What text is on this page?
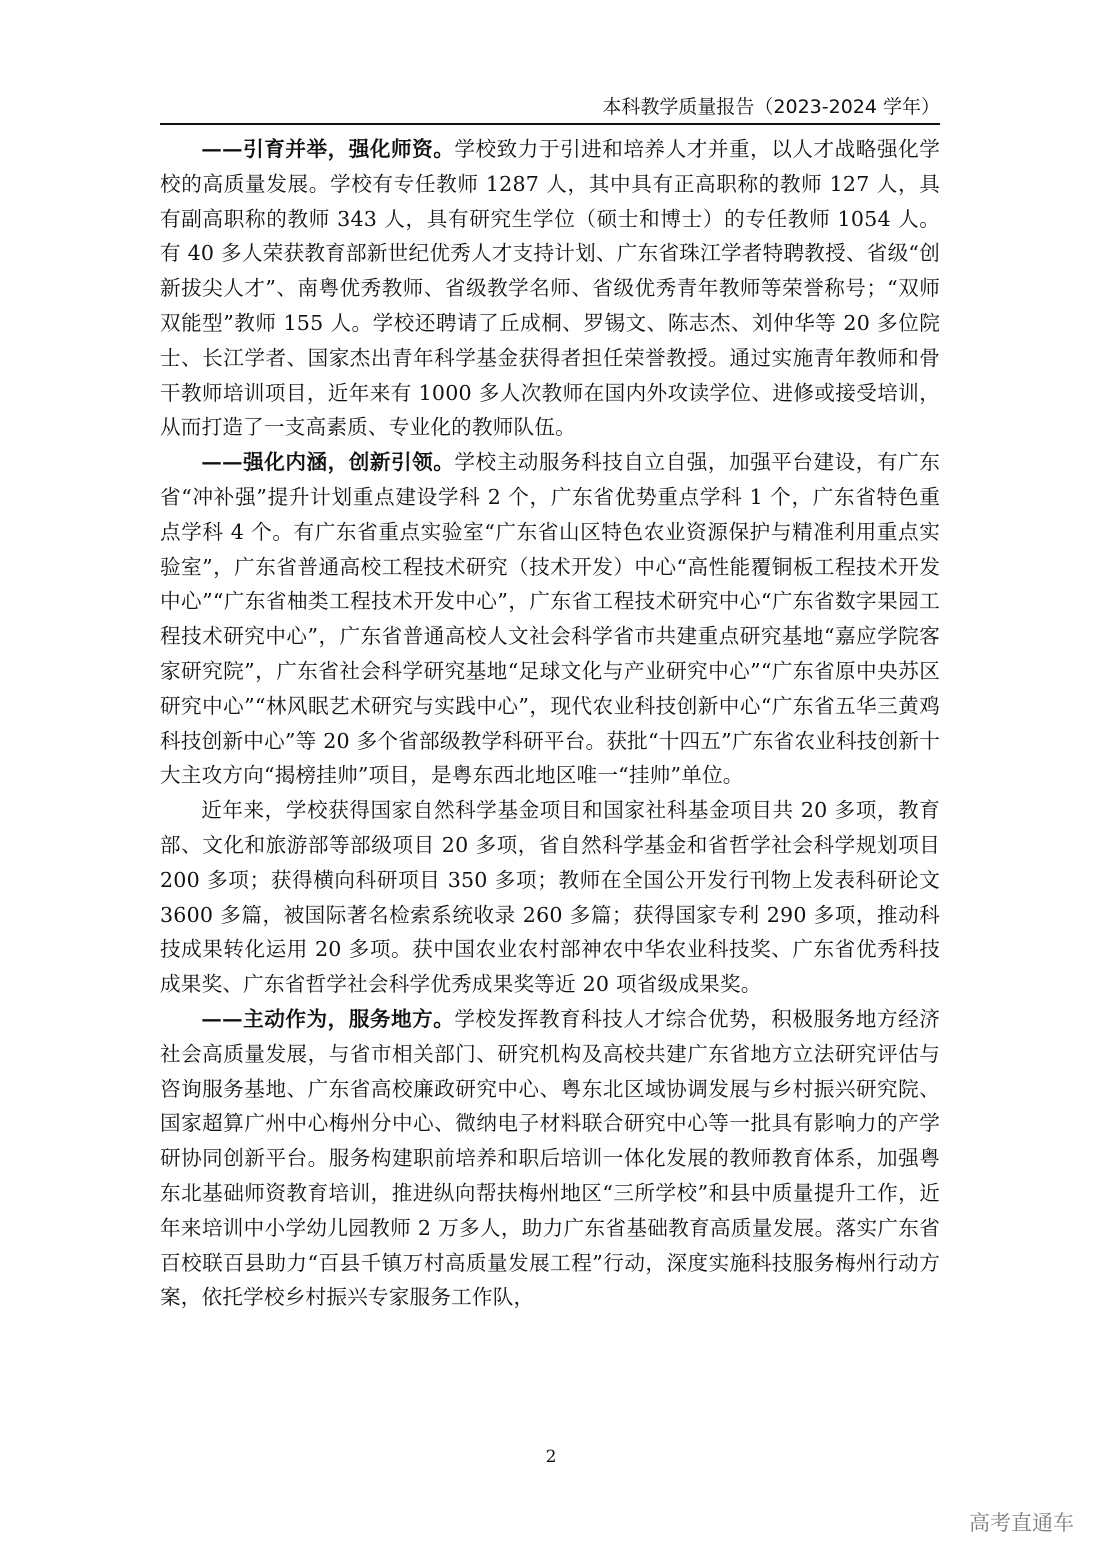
本科教学质量报告（2023-2024 学年）

——引育并举，强化师资。学校致力于引进和培养人才并重，以人才战略强化学校的高质量发展。学校有专任教师 1287 人，其中具有正高职称的教师 127 人，具有副高职称的教师 343 人，具有研究生学位（硕士和博士）的专任教师 1054 人。有 40 多人荣获教育部新世纪优秀人才支持计划、广东省珠江学者特聘教授、省级“创新拔尖人才”、南粤优秀教师、省级教学名师、省级优秀青年教师等荣誉称号；“双师双能型”教师 155 人。学校还聘请了丘成桐、罗锡文、陈志杰、刘仲华等 20 多位院士、长江学者、国家杰出青年科学基金获得者担任荣誉教授。通过实施青年教师和骨干教师培训项目，近年来有 1000 多人次教师在国内外攻读学位、进修或接受培训，从而打造了一支高素质、专业化的教师队伍。

——强化内涵，创新引领。学校主动服务科技自立自强，加强平台建设，有广东省“冲补强”提升计划重点建设学科 2 个，广东省优势重点学科 1 个，广东省特色重点学科 4 个。有广东省重点实验室“广东省山区特色农业资源保护与精准利用重点实验室”，广东省普通高校工程技术研究（技术开发）中心“高性能覆铜板工程技术开发中心”“广东省柚类工程技术开发中心”，广东省工程技术研究中心“广东省数字果园工程技术研究中心”，广东省普通高校人文社会科学省市共建重点研究基地“嘉应学院客家研究院”，广东省社会科学研究基地“足球文化与产业研究中心”“广东省原中央苏区研究中心”“林风眠艺术研究与实践中心”，现代农业科技创新中心“广东省五华三黄鸡科技创新中心”等 20 多个省部级教学科研平台。获批“十四五”广东省农业科技创新十大主攻方向“揭榜挂帅”项目，是粤东西北地区唯一“挂帅”单位。

近年来，学校获得国家自然科学基金项目和国家社科基金项目共 20 多项，教育部、文化和旅游部等部级项目 20 多项，省自然科学基金和省哲学社会科学规划项目 200 多项；获得横向科研项目 350 多项；教师在全国公开发行刊物上发表科研论文 3600 多篇，被国际著名检索系统收录 260 多篇；获得国家专利 290 多项，推动科技成果转化运用 20 多项。获中国农业农村部神农中华农业科技奖、广东省优秀科技成果奖、广东省哲学社会科学优秀成果奖等近 20 项省级成果奖。

——主动作为，服务地方。学校发挥教育科技人才综合优势，积极服务地方经济社会高质量发展，与省市相关部门、研究机构及高校共建广东省地方立法研究评估与咨询服务基地、广东省高校廉政研究中心、粤东北区域协调发展与乡村振兴研究院、国家超算广州中心梅州分中心、微纳电子材料联合研究中心等一批具有影响力的产学研协同创新平台。服务构建职前培养和职后培训一体化发展的教师教育体系，加强粤东北基础师资教育培训，推进纵向帮扶梅州地区“三所学校”和县中质量提升工作，近年来培训中小学幼儿园教师 2 万多人，助力广东省基础教育高质量发展。落实广东省百校联百县助力“百县千镇万村高质量发展工程”行动，深度实施科技服务梅州行动方案，依托学校乡村振兴专家服务工作队，

2
高考直通车
